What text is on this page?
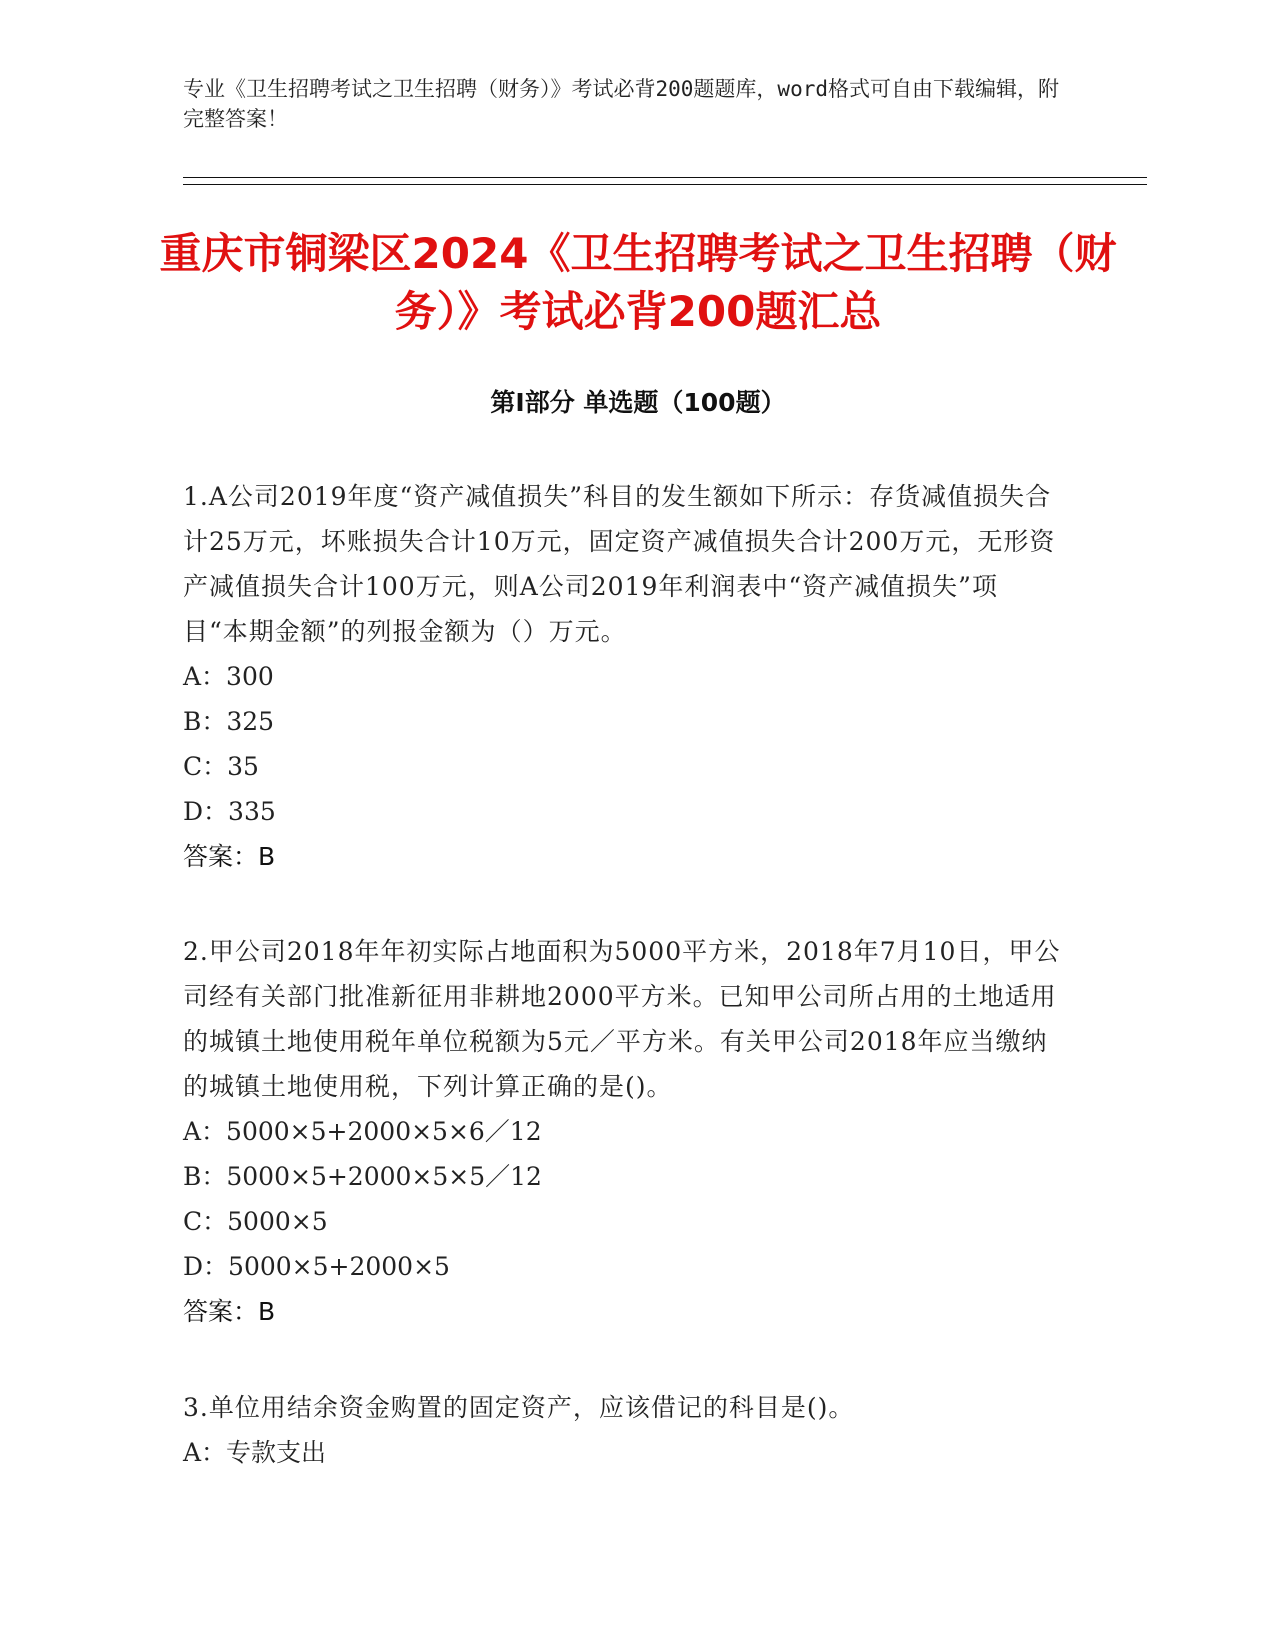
专业《卫生招聘考试之卫生招聘（财务）》考试必背200题题库，word格式可自由下载编辑，附完整答案！

重庆市铜梁区2024《卫生招聘考试之卫生招聘（财务）》考试必背200题汇总
第I部分 单选题（100题）

1.A公司2019年度“资产减值损失”科目的发生额如下所示：存货减值损失合计25万元，坏账损失合计10万元，固定资产减值损失合计200万元，无形资产减值损失合计100万元，则A公司2019年利润表中“资产减值损失”项目“本期金额”的列报金额为（）万元。

A：300

B：325

C：35

D：335

答案：B

2.甲公司2018年年初实际占地面积为5000平方米，2018年7月10日，甲公司经有关部门批准新征用非耕地2000平方米。已知甲公司所占用的土地适用的城镇土地使用税年单位税额为5元／平方米。有关甲公司2018年应当缴纳的城镇土地使用税，下列计算正确的是()。

A：5000×5+2000×5×6／12

B：5000×5+2000×5×5／12

C：5000×5

D：5000×5+2000×5

答案：B

3.单位用结余资金购置的固定资产，应该借记的科目是()。

A：专款支出
